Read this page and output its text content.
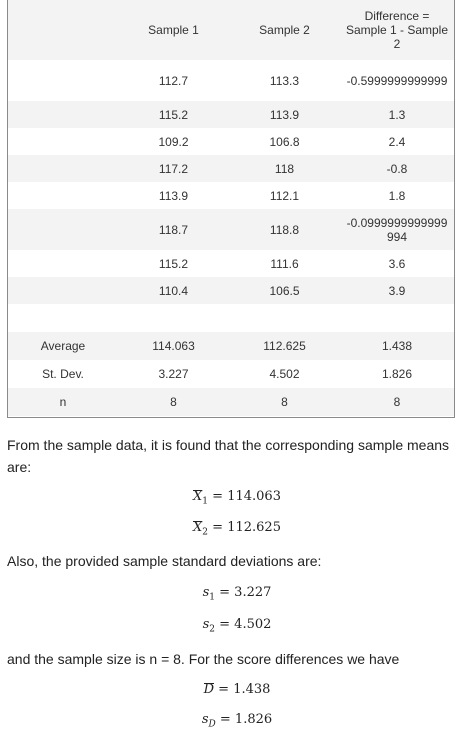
	Sample 1	Sample 2	Difference = Sample 1 - Sample 2
	112.7	113.3	-0.5999999999999
	115.2	113.9	1.3
	109.2	106.8	2.4
	117.2	118	-0.8
	113.9	112.1	1.8
	118.7	118.8	-0.0999999999999994
	115.2	111.6	3.6
	110.4	106.5	3.9

Average	114.063	112.625	1.438
St. Dev.	3.227	4.502	1.826
n	8	8	8
From the sample data, it is found that the corresponding sample means are:
$X_1 = 114.063$
$X_2 = 112.625$
Also, the provided sample standard deviations are:
$s_1 = 3.227$
$s_2 = 4.502$
and the sample size is n = 8. For the score differences we have
D = 1.438
$s_D = 1.826$
